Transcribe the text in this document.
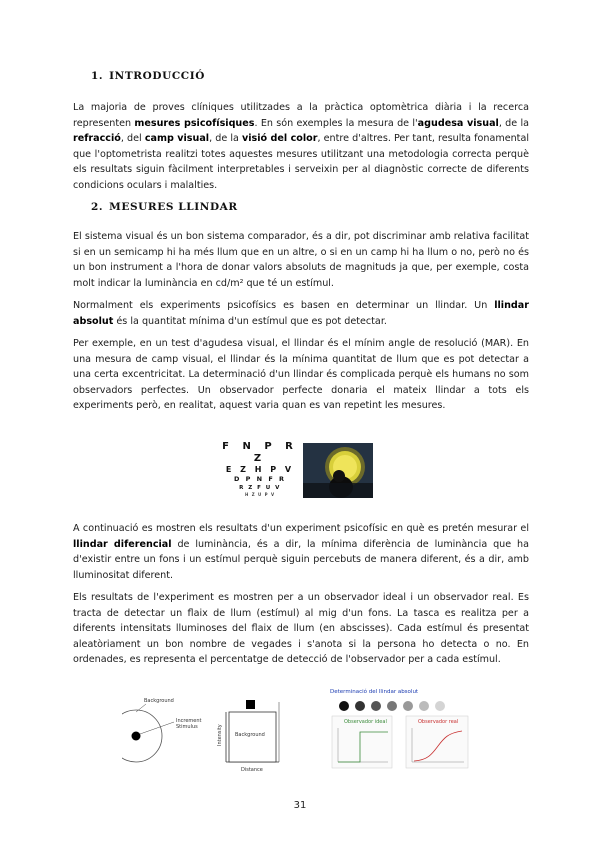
1. INTRODUCCIÓ

La majoria de proves clíniques utilitzades a la pràctica optomètrica diària i la recerca representen mesures psicofísiques. En són exemples la mesura de l'agudesa visual, de la refracció, del camp visual, de la visió del color, entre d'altres. Per tant, resulta fonamental que l'optometrista realitzi totes aquestes mesures utilitzant una metodologia correcta perquè els resultats siguin fàcilment interpretables i serveixin per al diagnòstic correcte de diferents condicions oculars i malalties.

2. MESURES LLINDAR

El sistema visual és un bon sistema comparador, és a dir, pot discriminar amb relativa facilitat si en un semicamp hi ha més llum que en un altre, o si en un camp hi ha llum o no, però no és un bon instrument a l'hora de donar valors absoluts de magnituds ja que, per exemple, costa molt indicar la luminància en cd/m² que té un estímul.

Normalment els experiments psicofísics es basen en determinar un llindar. Un llindar absolut és la quantitat mínima d'un estímul que es pot detectar.

Per exemple, en un test d'agudesa visual, el llindar és el mínim angle de resolució (MAR). En una mesura de camp visual, el llindar és la mínima quantitat de llum que es pot detectar a una certa excentricitat. La determinació d'un llindar és complicada perquè els humans no som observadors perfectes. Un observador perfecte donaria el mateix llindar a tots els experiments però, en realitat, aquest varia quan es van repetint les mesures.

A continuació es mostren els resultats d'un experiment psicofísic en què es pretén mesurar el llindar diferencial de luminància, és a dir, la mínima diferència de luminància que ha d'existir entre un fons i un estímul perquè siguin percebuts de manera diferent, és a dir, amb lluminositat diferent.

Els resultats de l'experiment es mostren per a un observador ideal i un observador real. Es tracta de detectar un flaix de llum (estímul) al mig d'un fons. La tasca es realitza per a diferents intensitats lluminoses del flaix de llum (en abscisses). Cada estímul és presentat aleatòriament un bon nombre de vegades i s'anota si la persona ho detecta o no. En ordenades, es representa el percentatge de detecció de l'observador per a cada estímul.

F N P R Z
E Z H P V
D P N F R
R Z F U V
H Z U P V
Background
Increment
Stimulus
Background
Intensity
Distance
Determinació del llindar absolut
Observador ideal	Observador real
31
